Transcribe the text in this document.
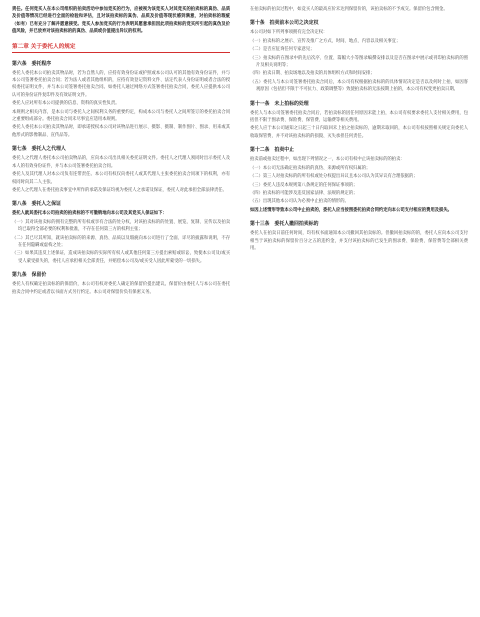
责任。任何竞买人在本公司组织的拍卖活动中参加竞买的行为，应被视为该竞买人对其竞买的拍卖标的真伪、品质及价值等情况已经进行全面的检验和评估，且对该拍卖标的真伪、品质及价值等现状感到满意，对拍卖标的瑕疵（如有）已有充分了解并愿意接受。竞买人参加竞买的行为表明其愿意承担因此项拍卖标的竞买所引起的真伪及价值风险，并已放弃对该拍卖标的的真伪、品质或价值提出异议的权利。

第二章 关于委托人的规定
第六条　委托程序

委托人委托本公司拍卖其物品时，若为自然人的，应持有效身份证或护照或本公司认可的其他有效身份证件，并与本公司签署委托拍卖合同；若为法人或者其他组织的，应持有效登记资料文件、法定代表人身份证明或者合法的授权委托证明文件，并与本公司签署委托拍卖合同。如委托人通过网络方式签署委托拍卖合同，委托人应提供本公司认可的身份证件复印件及有效证明文件。

委托人应对所有本公司提供的信息、资料的真实性负责。

本规则之相关内容，是本公司与委托人之间权利义务的重要约定，构成本公司与委托人之间所签订的委托拍卖合同之重要组成部分。委托拍卖合同未尽事宜应适用本规则。

委托人委托本公司拍卖其物品时，即承诺授权本公司对该物品进行展示、摄影、摄制、制作图片、图录、用来或其他形式的影像制品、宣传品等。

第七条　委托人之代理人

委托人之代理人委托本公司拍卖物品的，应向本公司出具相关委托证明文件。委托人之代理人须同时出示委托人及本人的有效身份证件，并与本公司签署委托拍卖合同。

委托人及其代理人对本公司负有连带责任。本公司有权仅向委托人或其代理人主张委托拍卖合同项下的权利，亦有权同时向其二人主张。

委托人之代理人在委托拍卖事宜中所作的承诺及保证均视为委托人之承诺及保证，委托人对此承担全部法律责任。

第八条　委托人之保证

委托人就其委托本公司拍卖的拍卖标的不可撤销地向本公司及其竞买人保证如下：

（一）其对该拍卖标的拥有完整的所有权或享有合法的处分权，对该拍卖标的的处置、展览、复制、宣传以及拍卖均已取得全部必要的权利和批准，不存在任何第三方的权利主张；

（二）其已尽其所知，就该拍卖标的的来源、真伪、品质以及瑕疵向本公司进行了全面、详尽的披露和说明，不存在任何隐瞒或虚构之处；

（三）如果其违反上述保证，造成该拍卖标的实际所有权人或其他任何第三方提出索赔或诉讼，致使本公司及/或买受人蒙受损失的，委托人应承担相关全部责任，并赔偿本公司及/或买受人因此所蒙受的一切损失。

第九条　保留价

委托人有权确定拍卖标的的保留价，本公司有权对委托人确定的保留价提出建议。保留价由委托人与本公司在委托拍卖合同中约定或者以书面方式另行约定。本公司对保留价负有保密义务。

在拍卖标的拍卖过程中，如竞买人的最高应价未达到保留价的，该拍卖标的不予成交。保留价包含佣金。

第十条　拍卖前本公司之决定权

本公司对如下所列事项拥有完全决定权：

（一）拍卖标的之展示、宣传及推广之方式、时间、地点、内容以及相关事宜；

（二）是否应征询任何专家意见；

（三）拍卖标的在图录中的先后次序、位置、篇幅大小等图录编撰安排以及是否在图录中展示或刊印拍卖标的的照片及相关说明等；

（四）拍卖日期、拍卖场地以及拍卖的具体组织方式和时间安排；

（五）委托人与本公司签署委托拍卖合同后，本公司有权根据拍卖标的的具体情况决定是否以及何时上拍，如因客观原因（包括但不限于不可抗力、政策调整等）致使拍卖标的无法按期上拍的，本公司有权变更拍卖日期。

第十一条　未上拍标的处理

委托人与本公司签署委托拍卖合同后，若拍卖标的因任何原因未能上拍，本公司有权要求委托人支付相关费用，包括但不限于图录费、保险费、保管费、运输费等相关费用。

委托人应于本公司通知之日起三十日内取回未上拍之拍卖标的，逾期未取回的，本公司有权按照相关规定向委托人收取保管费，并不对该拍卖标的的损毁、灭失承担任何责任。

第十二条　拍卖中止

拍卖前或拍卖过程中，如出现下列情况之一，本公司有权中止该拍卖标的的拍卖：

（一）本公司无法确定拍卖标的的真伪、来源或所有权归属的；

（二）第三人对拍卖标的的所有权或处分权提出异议且本公司认为其异议有合理依据的；

（三）委托人违反本规则第八条规定的任何保证事项的；

（四）拍卖标的可能涉及违反国家法律、法规的规定的；

（五）出现其他本公司认为必须中止拍卖的情形的。

如因上述情形导致本公司中止拍卖的，委托人应当按照委托拍卖合同约定向本公司支付相应的费用及损失。

第十三条　委托人撤回拍卖标的

委托人在拍卖日前任何时间，均有权书面通知本公司撤回其拍卖标的。但撤回拍卖标的的，委托人应向本公司支付相当于该拍卖标的保留价百分之五的违约金，并支付该拍卖标的已发生的图录费、保险费、保管费等全部相关费用。
